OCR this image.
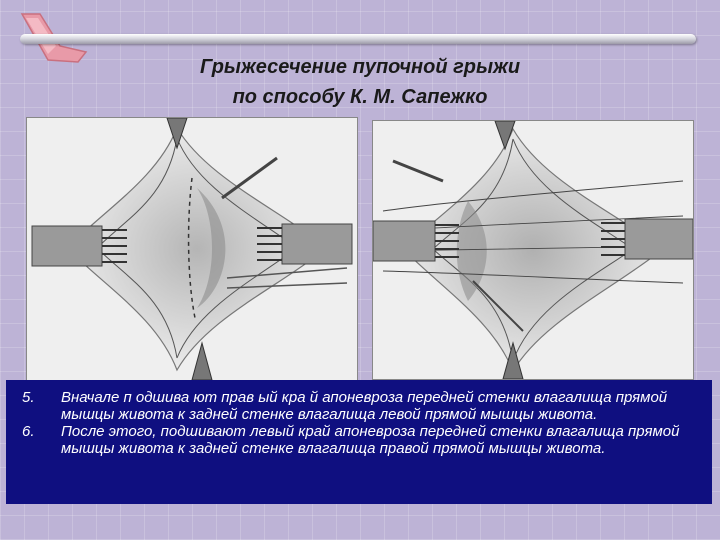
Грыжесечение пупочной грыжи
по способу К. М. Сапежко
5. Вначале п одшива ют прав ый кра й апоневроза передней стенки влагалища прямой мышцы живота к задней стенке влагалища левой прямой мышцы живота.
6. После этого, подшивают левый край апоневроза передней стенки влагалища прямой мышцы живота к задней стенке влагалища правой прямой мышцы живота.
